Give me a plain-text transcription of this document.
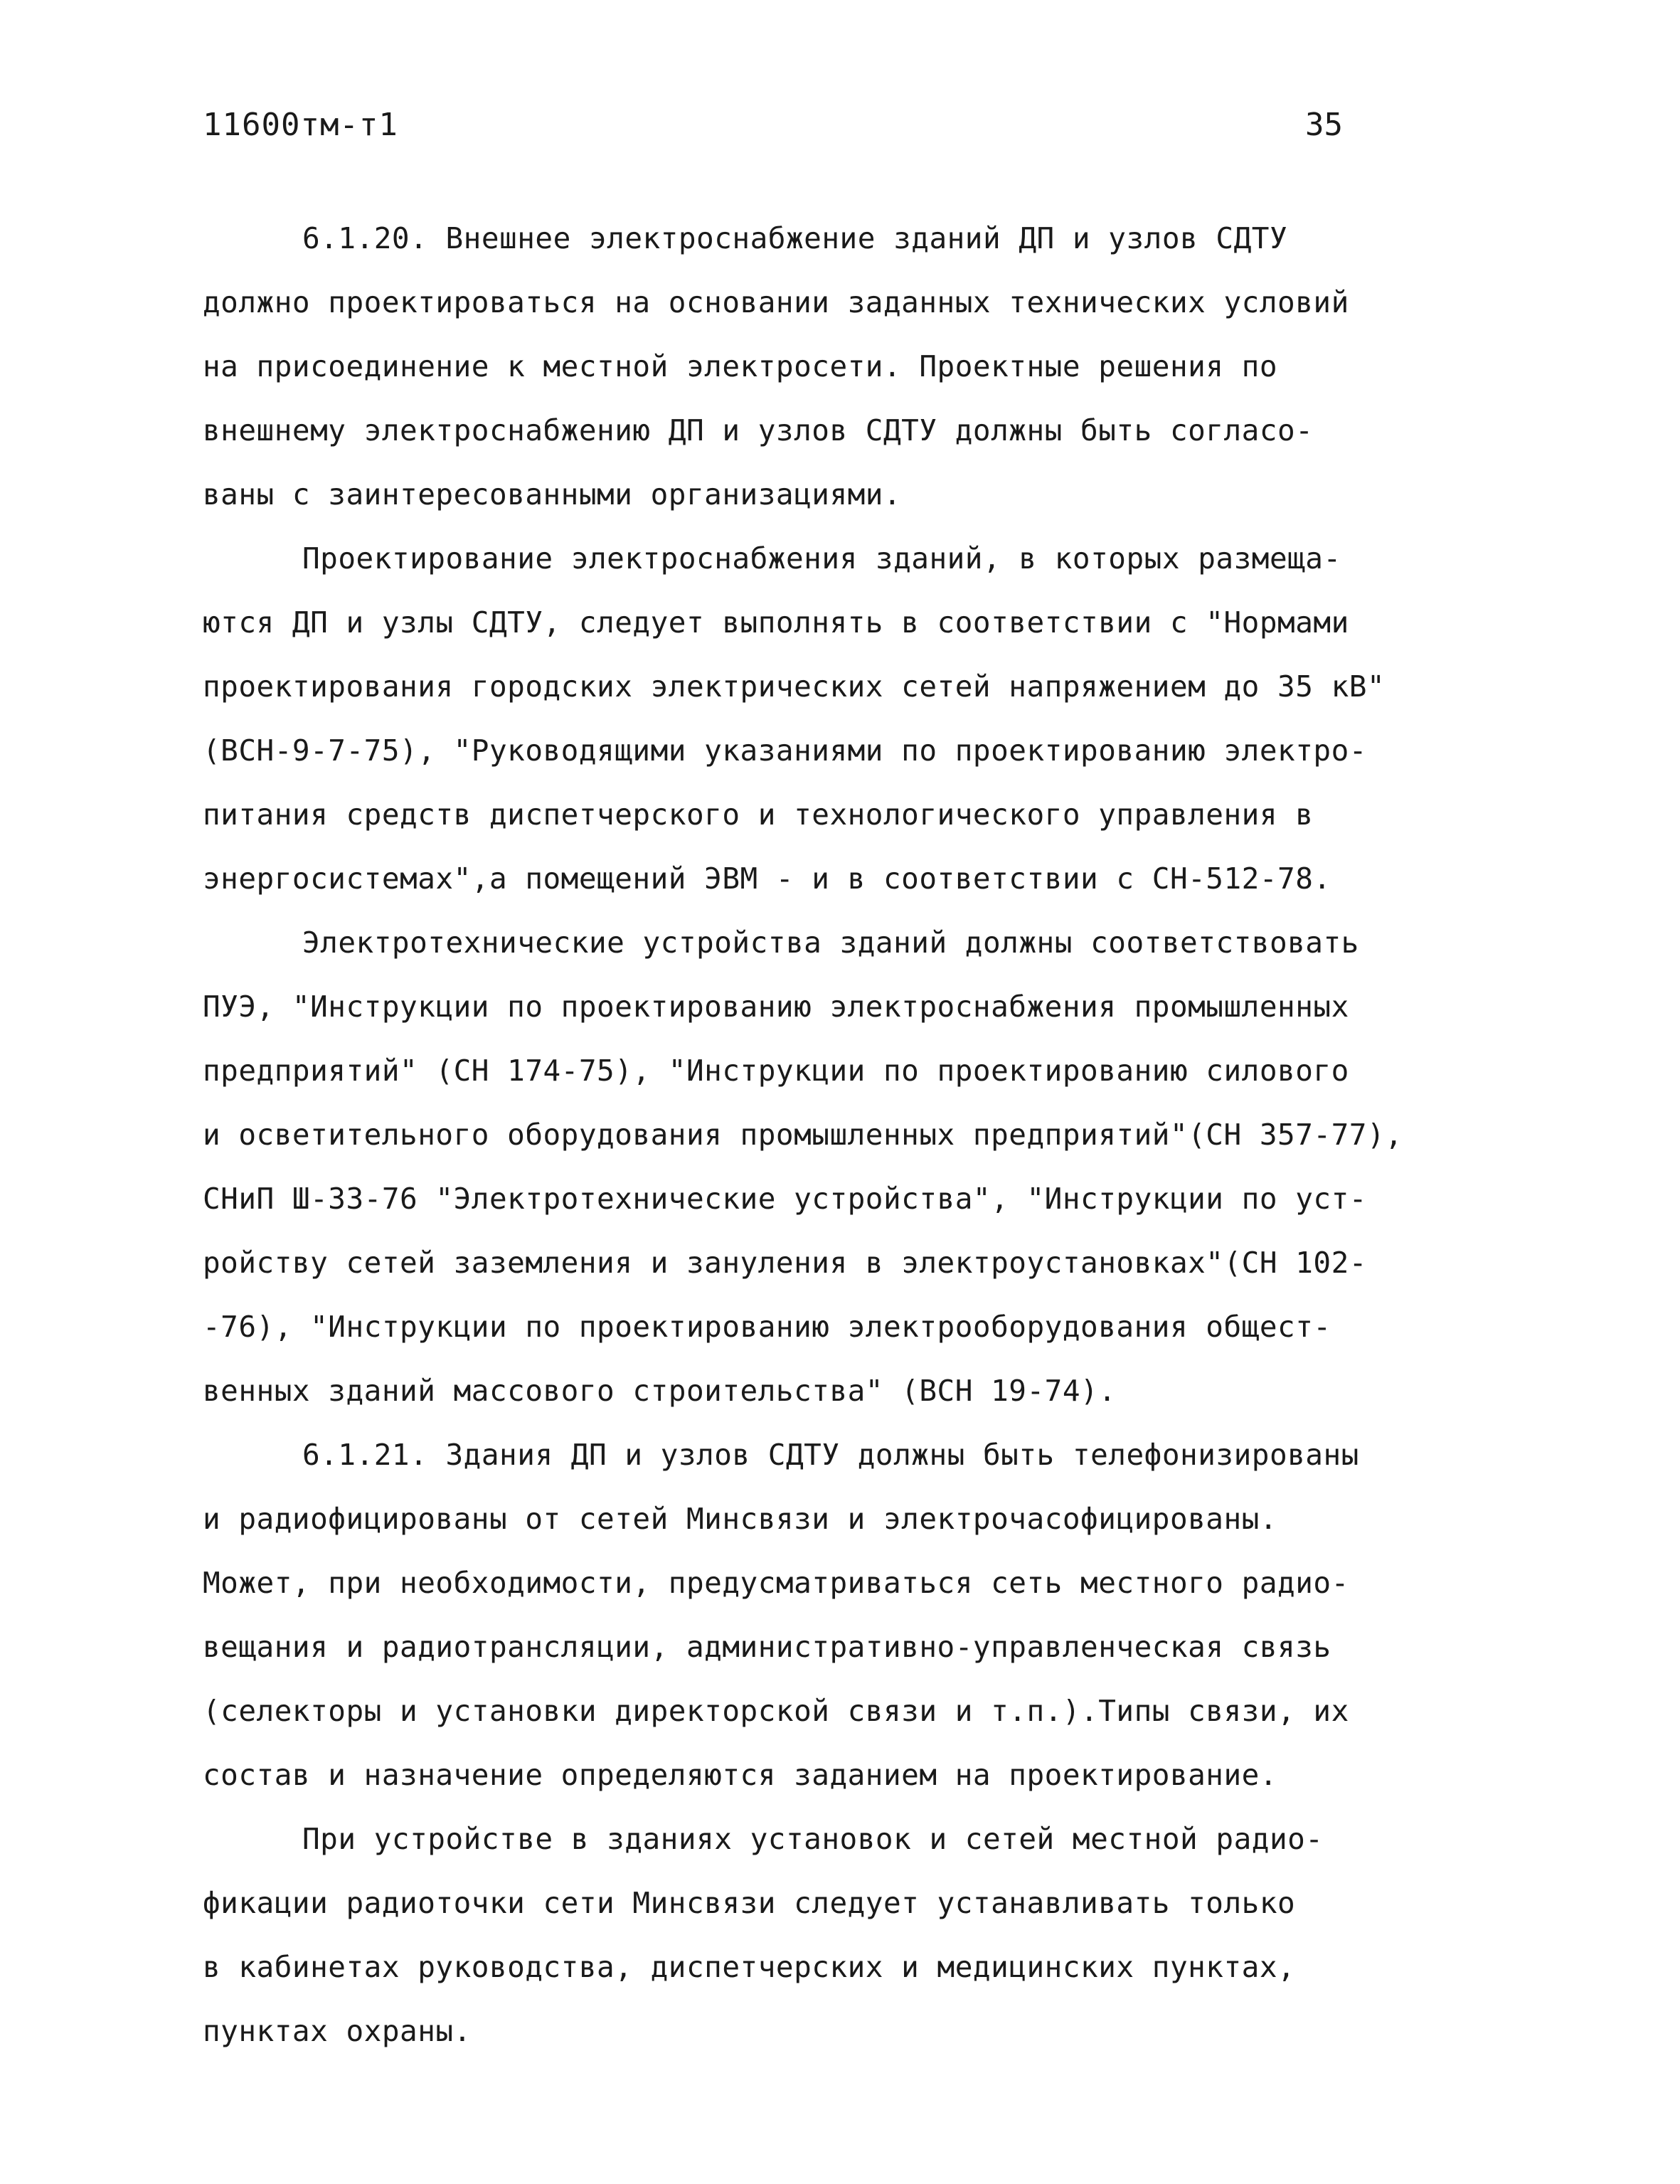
11600тм-т1	35
6.1.20. Внешнее электроснабжение зданий ДП и узлов СДТУ
должно проектироваться на основании заданных технических условий
на присоединение к местной электросети. Проектные решения по
внешнему электроснабжению ДП и узлов СДТУ должны быть согласо-
ваны с заинтересованными организациями.
Проектирование электроснабжения зданий, в которых размеща-
ются ДП и узлы СДТУ, следует выполнять в соответствии с "Нормами
проектирования городских электрических сетей напряжением до 35 кВ"
(ВСН-9-7-75), "Руководящими указаниями по проектированию электро-
питания средств диспетчерского и технологического управления в
энергосистемах",а помещений ЭВМ - и в соответствии с СН-512-78.
Электротехнические устройства зданий должны соответствовать
ПУЭ, "Инструкции по проектированию электроснабжения промышленных
предприятий" (СН 174-75), "Инструкции по проектированию силового
и осветительного оборудования промышленных предприятий"(СН 357-77),
СНиП Ш-33-76 "Электротехнические устройства", "Инструкции по уст-
ройству сетей заземления и зануления в электроустановках"(СН 102-
-76), "Инструкции по проектированию электрооборудования общест-
венных зданий массового строительства" (ВСН 19-74).
6.1.21. Здания ДП и узлов СДТУ должны быть телефонизированы
и радиофицированы от сетей Минсвязи и электрочасофицированы.
Может, при необходимости, предусматриваться сеть местного радио-
вещания и радиотрансляции, административно-управленческая связь
(селекторы и установки директорской связи и т.п.).Типы связи, их
состав и назначение определяются заданием на проектирование.
При устройстве в зданиях установок и сетей местной радио-
фикации радиоточки сети Минсвязи следует устанавливать только
в кабинетах руководства, диспетчерских и медицинских пунктах,
пунктах охраны.
